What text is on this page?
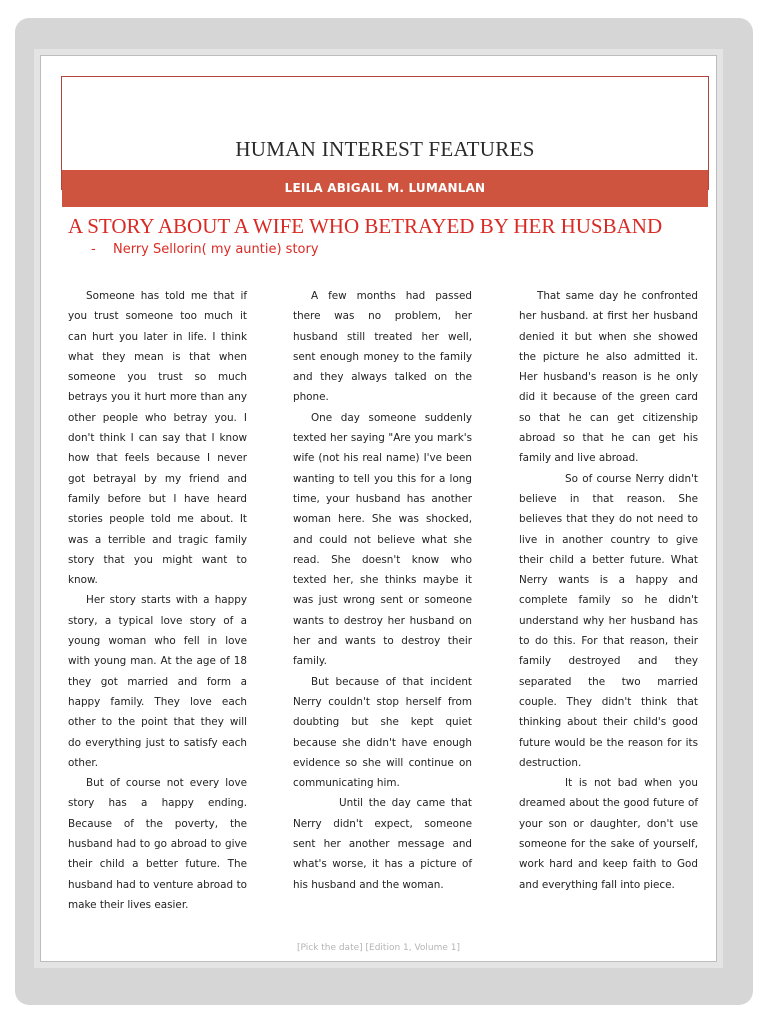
HUMAN INTEREST FEATURES
LEILA ABIGAIL M. LUMANLAN
A STORY ABOUT A WIFE WHO BETRAYED BY HER HUSBAND
- Nerry Sellorin( my auntie) story

Someone has told me that if you trust someone too much it can hurt you later in life. I think what they mean is that when someone you trust so much betrays you it hurt more than any other people who betray you. I don't think I can say that I know how that feels because I never got betrayal by my friend and family before but I have heard stories people told me about. It was a terrible and tragic family story that you might want to know.

Her story starts with a happy story, a typical love story of a young woman who fell in love with young man. At the age of 18 they got married and form a happy family. They love each other to the point that they will do everything just to satisfy each other.

But of course not every love story has a happy ending. Because of the poverty, the husband had to go abroad to give their child a better future. The husband had to venture abroad to make their lives easier.

A few months had passed there was no problem, her husband still treated her well, sent enough money to the family and they always talked on the phone.

One day someone suddenly texted her saying "Are you mark's wife (not his real name) I've been wanting to tell you this for a long time, your husband has another woman here. She was shocked, and could not believe what she read. She doesn't know who texted her, she thinks maybe it was just wrong sent or someone wants to destroy her husband on her and wants to destroy their family.

But because of that incident Nerry couldn't stop herself from doubting but she kept quiet because she didn't have enough evidence so she will continue on communicating him.

Until the day came that Nerry didn't expect, someone sent her another message and what's worse, it has a picture of his husband and the woman.

That same day he confronted her husband. at first her husband denied it but when she showed the picture he also admitted it. Her husband's reason is he only did it because of the green card so that he can get citizenship abroad so that he can get his family and live abroad.

So of course Nerry didn't believe in that reason. She believes that they do not need to live in another country to give their child a better future. What Nerry wants is a happy and complete family so he didn't understand why her husband has to do this. For that reason, their family destroyed and they separated the two married couple. They didn't think that thinking about their child's good future would be the reason for its destruction.

It is not bad when you dreamed about the good future of your son or daughter, don't use someone for the sake of yourself, work hard and keep faith to God and everything fall into piece.

[Pick the date] [Edition 1, Volume 1]
